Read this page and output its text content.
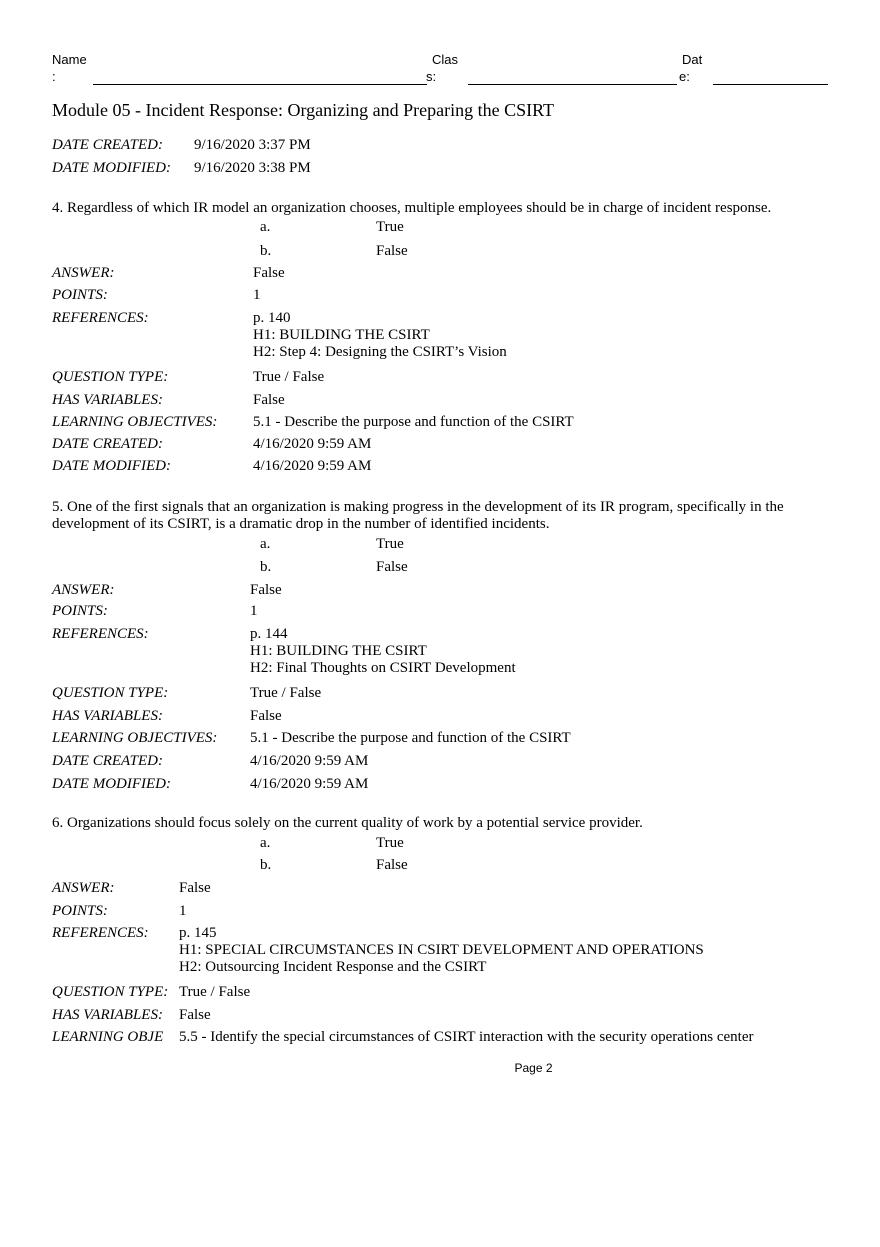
Name
:
Clas
s:
Dat
e:
Module 05 - Incident Response: Organizing and Preparing the CSIRT
DATE CREATED: 9/16/2020 3:37 PM
DATE MODIFIED: 9/16/2020 3:38 PM
4. Regardless of which IR model an organization chooses, multiple employees should be in charge of incident response.
a.	True
b.	False
ANSWER:	False
POINTS:	1
REFERENCES:	p. 140
H1: BUILDING THE CSIRT
H2: Step 4: Designing the CSIRT’s Vision
QUESTION TYPE:	True / False
HAS VARIABLES:	False
LEARNING OBJECTIVES: 5.1 - Describe the purpose and function of the CSIRT
DATE CREATED:	4/16/2020 9:59 AM
DATE MODIFIED:	4/16/2020 9:59 AM
5. One of the first signals that an organization is making progress in the development of its IR program, specifically in the
development of its CSIRT, is a dramatic drop in the number of identified incidents.
a.	True
b.	False
ANSWER:	False
POINTS:	1
REFERENCES:	p. 144
H1: BUILDING THE CSIRT
H2: Final Thoughts on CSIRT Development
QUESTION TYPE:	True / False
HAS VARIABLES:	False
LEARNING OBJECTIVES: 5.1 - Describe the purpose and function of the CSIRT
DATE CREATED:	4/16/2020 9:59 AM
DATE MODIFIED:	4/16/2020 9:59 AM
6. Organizations should focus solely on the current quality of work by a potential service provider.
a.	True
b.	False
ANSWER:	False
POINTS:	1
REFERENCES: p. 145
H1: SPECIAL CIRCUMSTANCES IN CSIRT DEVELOPMENT AND OPERATIONS
H2: Outsourcing Incident Response and the CSIRT
QUESTION TYPE: True / False
HAS VARIABLES: False
LEARNING OBJE 5.5 - Identify the special circumstances of CSIRT interaction with the security operations center
Page 2
